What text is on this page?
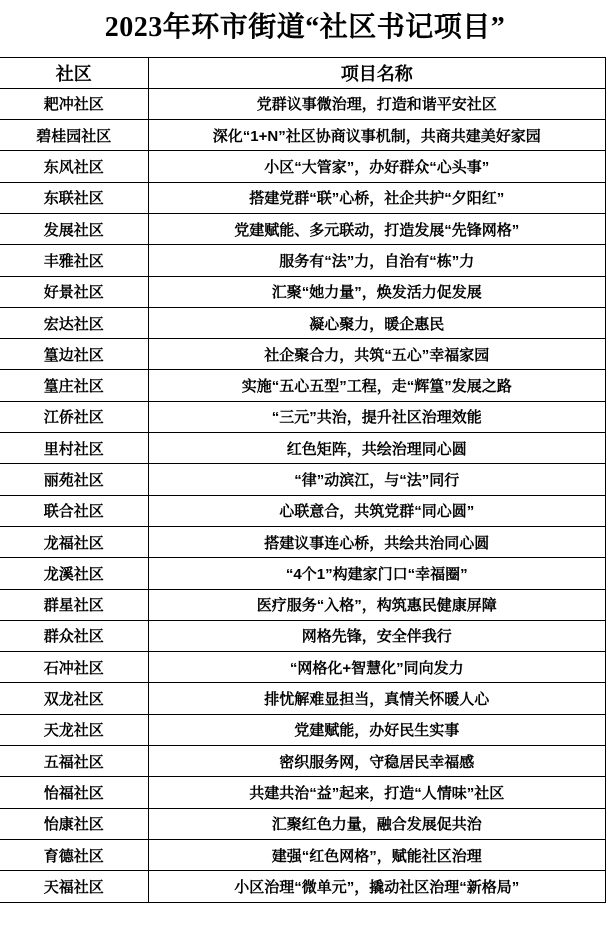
2023年环市街道“社区书记项目”
社区	项目名称
耙冲社区	党群议事微治理，打造和谐平安社区
碧桂园社区	深化“1+N”社区协商议事机制，共商共建美好家园
东风社区	小区“大管家”，办好群众“心头事”
东联社区	搭建党群“联”心桥，社企共护“夕阳红”
发展社区	党建赋能、多元联动，打造发展“先锋网格”
丰雅社区	服务有“法”力，自治有“栋”力
好景社区	汇聚“她力量”，焕发活力促发展
宏达社区	凝心聚力，暖企惠民
篁边社区	社企聚合力，共筑“五心”幸福家园
篁庄社区	实施“五心五型”工程，走“辉篁”发展之路
江侨社区	“三元”共治，提升社区治理效能
里村社区	红色矩阵，共绘治理同心圆
丽苑社区	“律”动滨江，与“法”同行
联合社区	心联意合，共筑党群“同心圆”
龙福社区	搭建议事连心桥，共绘共治同心圆
龙溪社区	“4个1”构建家门口“幸福圈”
群星社区	医疗服务“入格”，构筑惠民健康屏障
群众社区	网格先锋，安全伴我行
石冲社区	“网格化+智慧化”同向发力
双龙社区	排忧解难显担当，真情关怀暖人心
天龙社区	党建赋能，办好民生实事
五福社区	密织服务网，守稳居民幸福感
怡福社区	共建共治“益”起来，打造“人情味”社区
怡康社区	汇聚红色力量，融合发展促共治
育德社区	建强“红色网格”，赋能社区治理
天福社区	小区治理“微单元”，撬动社区治理“新格局”
